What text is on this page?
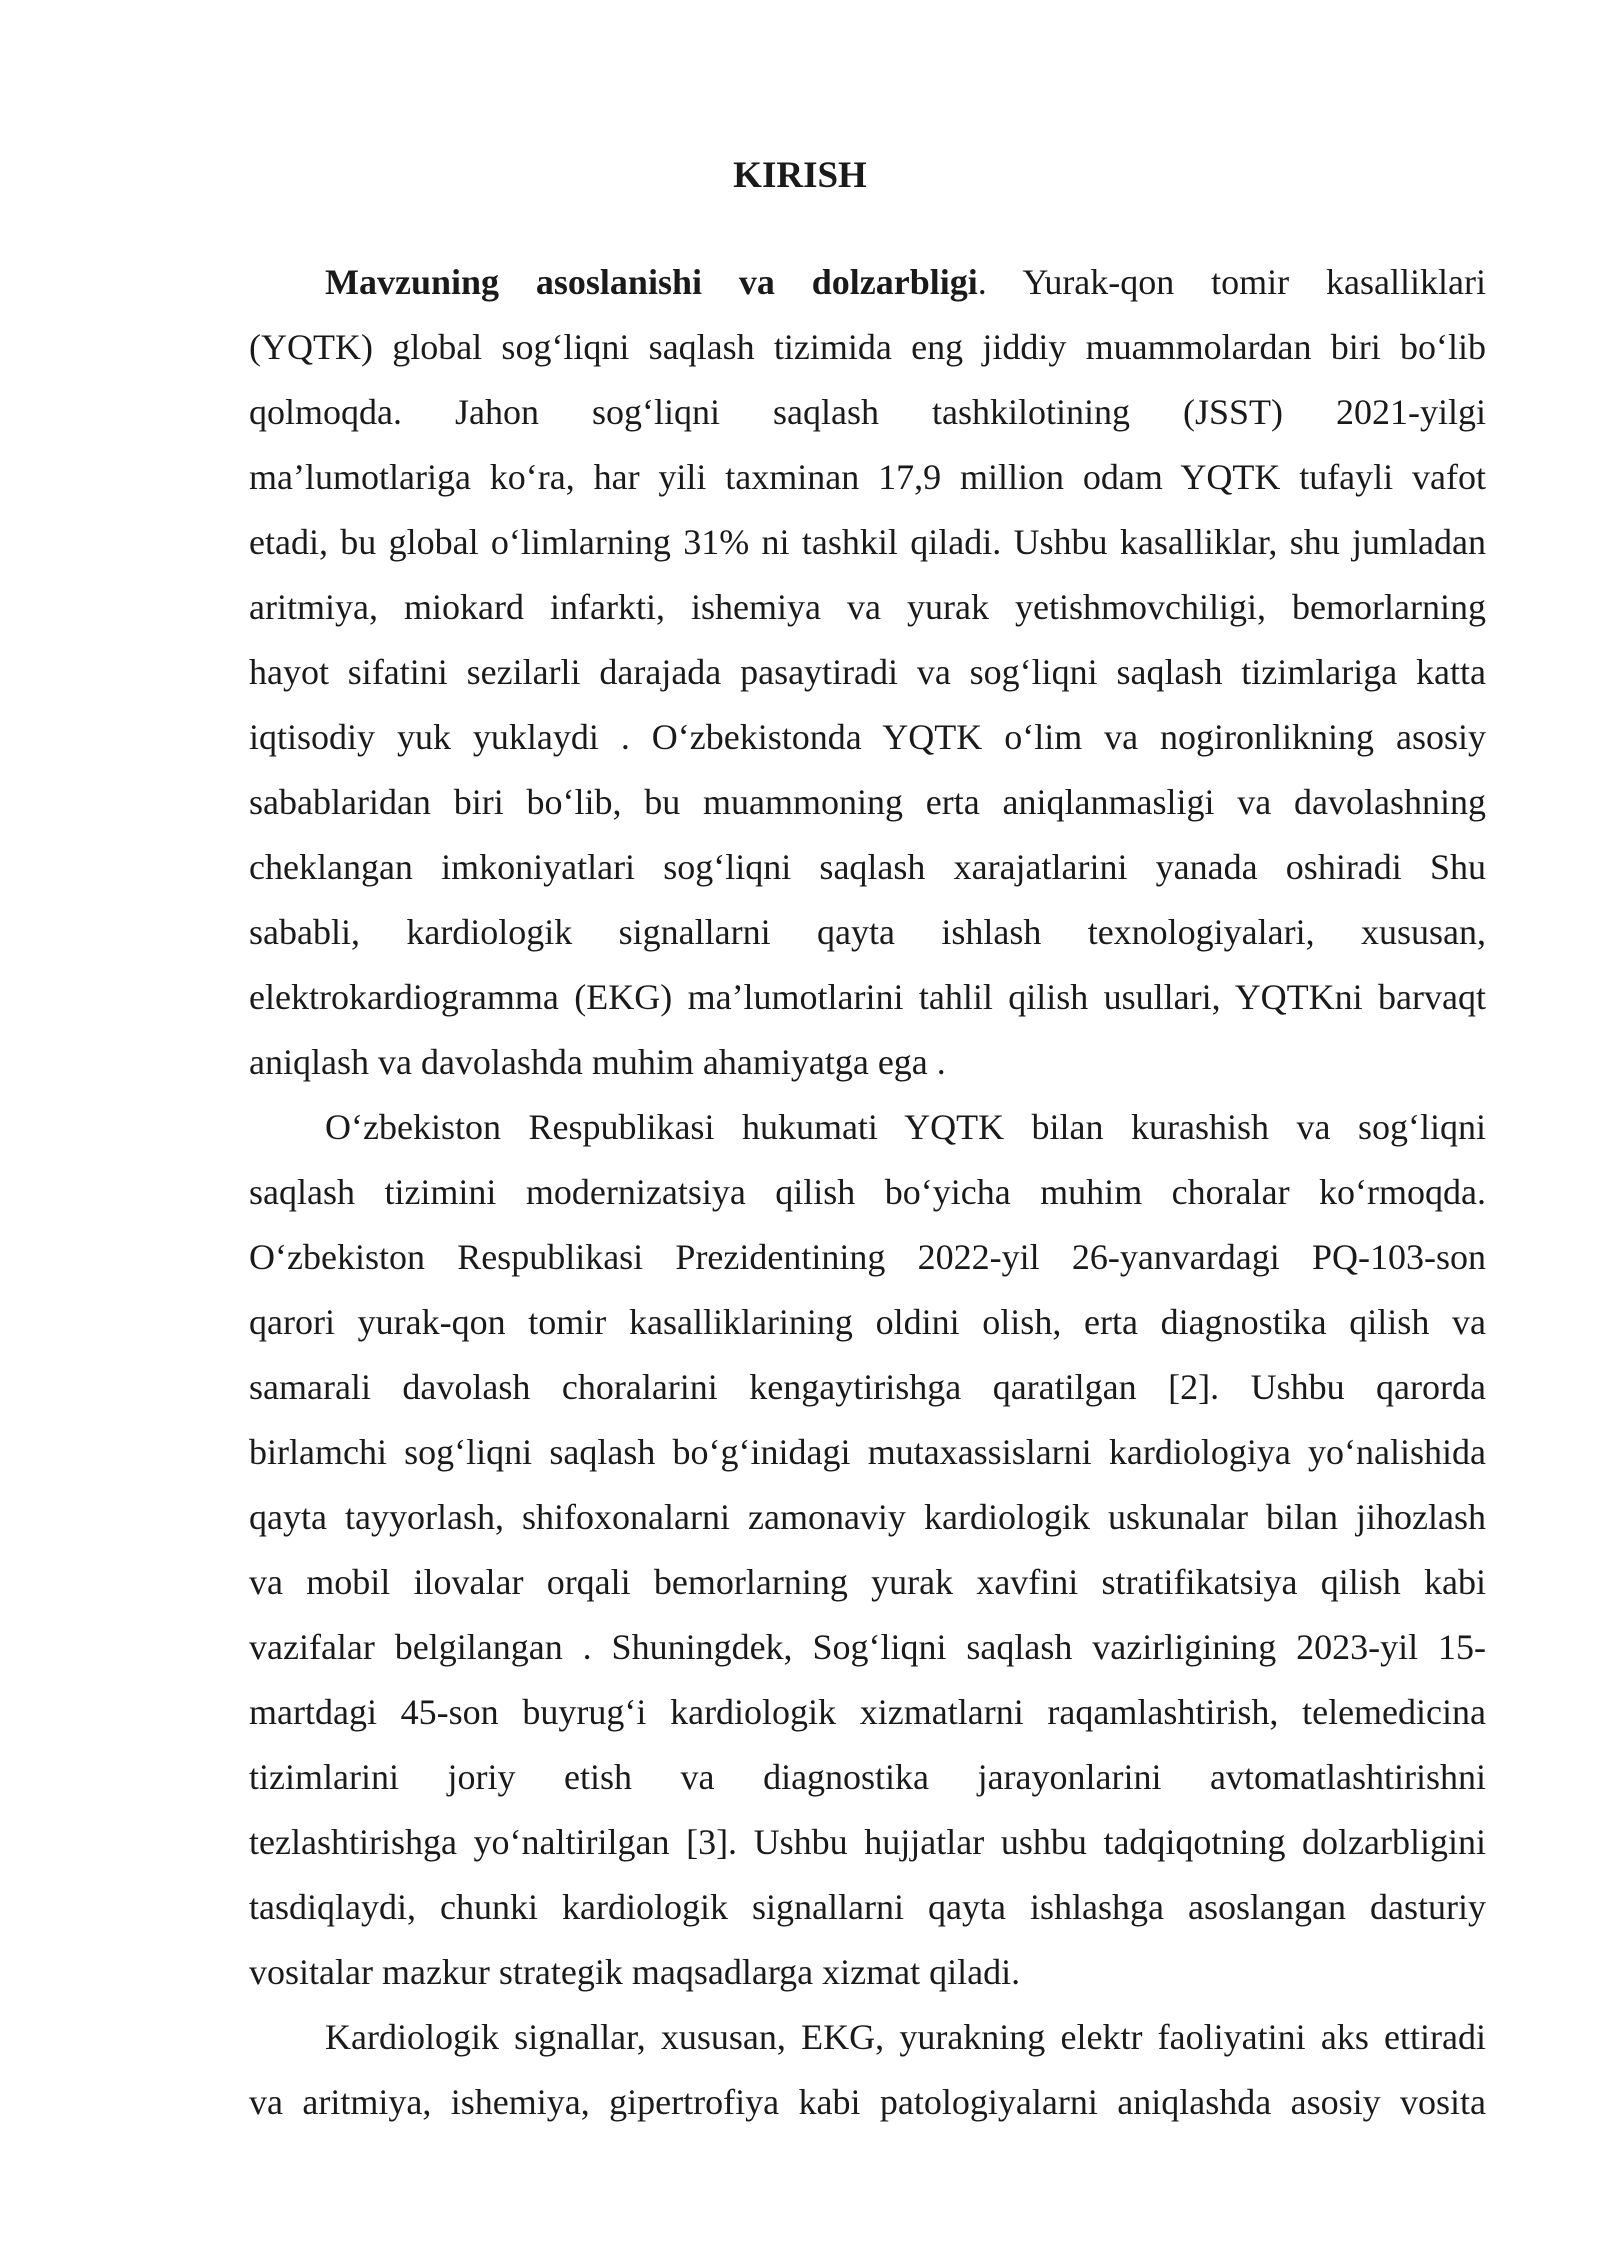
KIRISH

Mavzuning asoslanishi va dolzarbligi. Yurak-qon tomir kasalliklari
(YQTK) global sog‘liqni saqlash tizimida eng jiddiy muammolardan biri bo‘lib
qolmoqda. Jahon sog‘liqni saqlash tashkilotining (JSST) 2021-yilgi
ma’lumotlariga ko‘ra, har yili taxminan 17,9 million odam YQTK tufayli vafot
etadi, bu global o‘limlarning 31% ni tashkil qiladi. Ushbu kasalliklar, shu jumladan
aritmiya, miokard infarkti, ishemiya va yurak yetishmovchiligi, bemorlarning
hayot sifatini sezilarli darajada pasaytiradi va sog‘liqni saqlash tizimlariga katta
iqtisodiy yuk yuklaydi . O‘zbekistonda YQTK o‘lim va nogironlikning asosiy
sabablaridan biri bo‘lib, bu muammoning erta aniqlanmasligi va davolashning
cheklangan imkoniyatlari sog‘liqni saqlash xarajatlarini yanada oshiradi Shu
sababli, kardiologik signallarni qayta ishlash texnologiyalari, xususan,
elektrokardiogramma (EKG) ma’lumotlarini tahlil qilish usullari, YQTKni barvaqt
aniqlash va davolashda muhim ahamiyatga ega .

O‘zbekiston Respublikasi hukumati YQTK bilan kurashish va sog‘liqni
saqlash tizimini modernizatsiya qilish bo‘yicha muhim choralar ko‘rmoqda.
O‘zbekiston Respublikasi Prezidentining 2022-yil 26-yanvardagi PQ-103-son
qarori yurak-qon tomir kasalliklarining oldini olish, erta diagnostika qilish va
samarali davolash choralarini kengaytirishga qaratilgan [2]. Ushbu qarorda
birlamchi sog‘liqni saqlash bo‘g‘inidagi mutaxassislarni kardiologiya yo‘nalishida
qayta tayyorlash, shifoxonalarni zamonaviy kardiologik uskunalar bilan jihozlash
va mobil ilovalar orqali bemorlarning yurak xavfini stratifikatsiya qilish kabi
vazifalar belgilangan . Shuningdek, Sog‘liqni saqlash vazirligining 2023-yil 15-
martdagi 45-son buyrug‘i kardiologik xizmatlarni raqamlashtirish, telemedicina
tizimlarini joriy etish va diagnostika jarayonlarini avtomatlashtirishni
tezlashtirishga yo‘naltirilgan [3]. Ushbu hujjatlar ushbu tadqiqotning dolzarbligini
tasdiqlaydi, chunki kardiologik signallarni qayta ishlashga asoslangan dasturiy
vositalar mazkur strategik maqsadlarga xizmat qiladi.

Kardiologik signallar, xususan, EKG, yurakning elektr faoliyatini aks ettiradi
va aritmiya, ishemiya, gipertrofiya kabi patologiyalarni aniqlashda asosiy vosita
